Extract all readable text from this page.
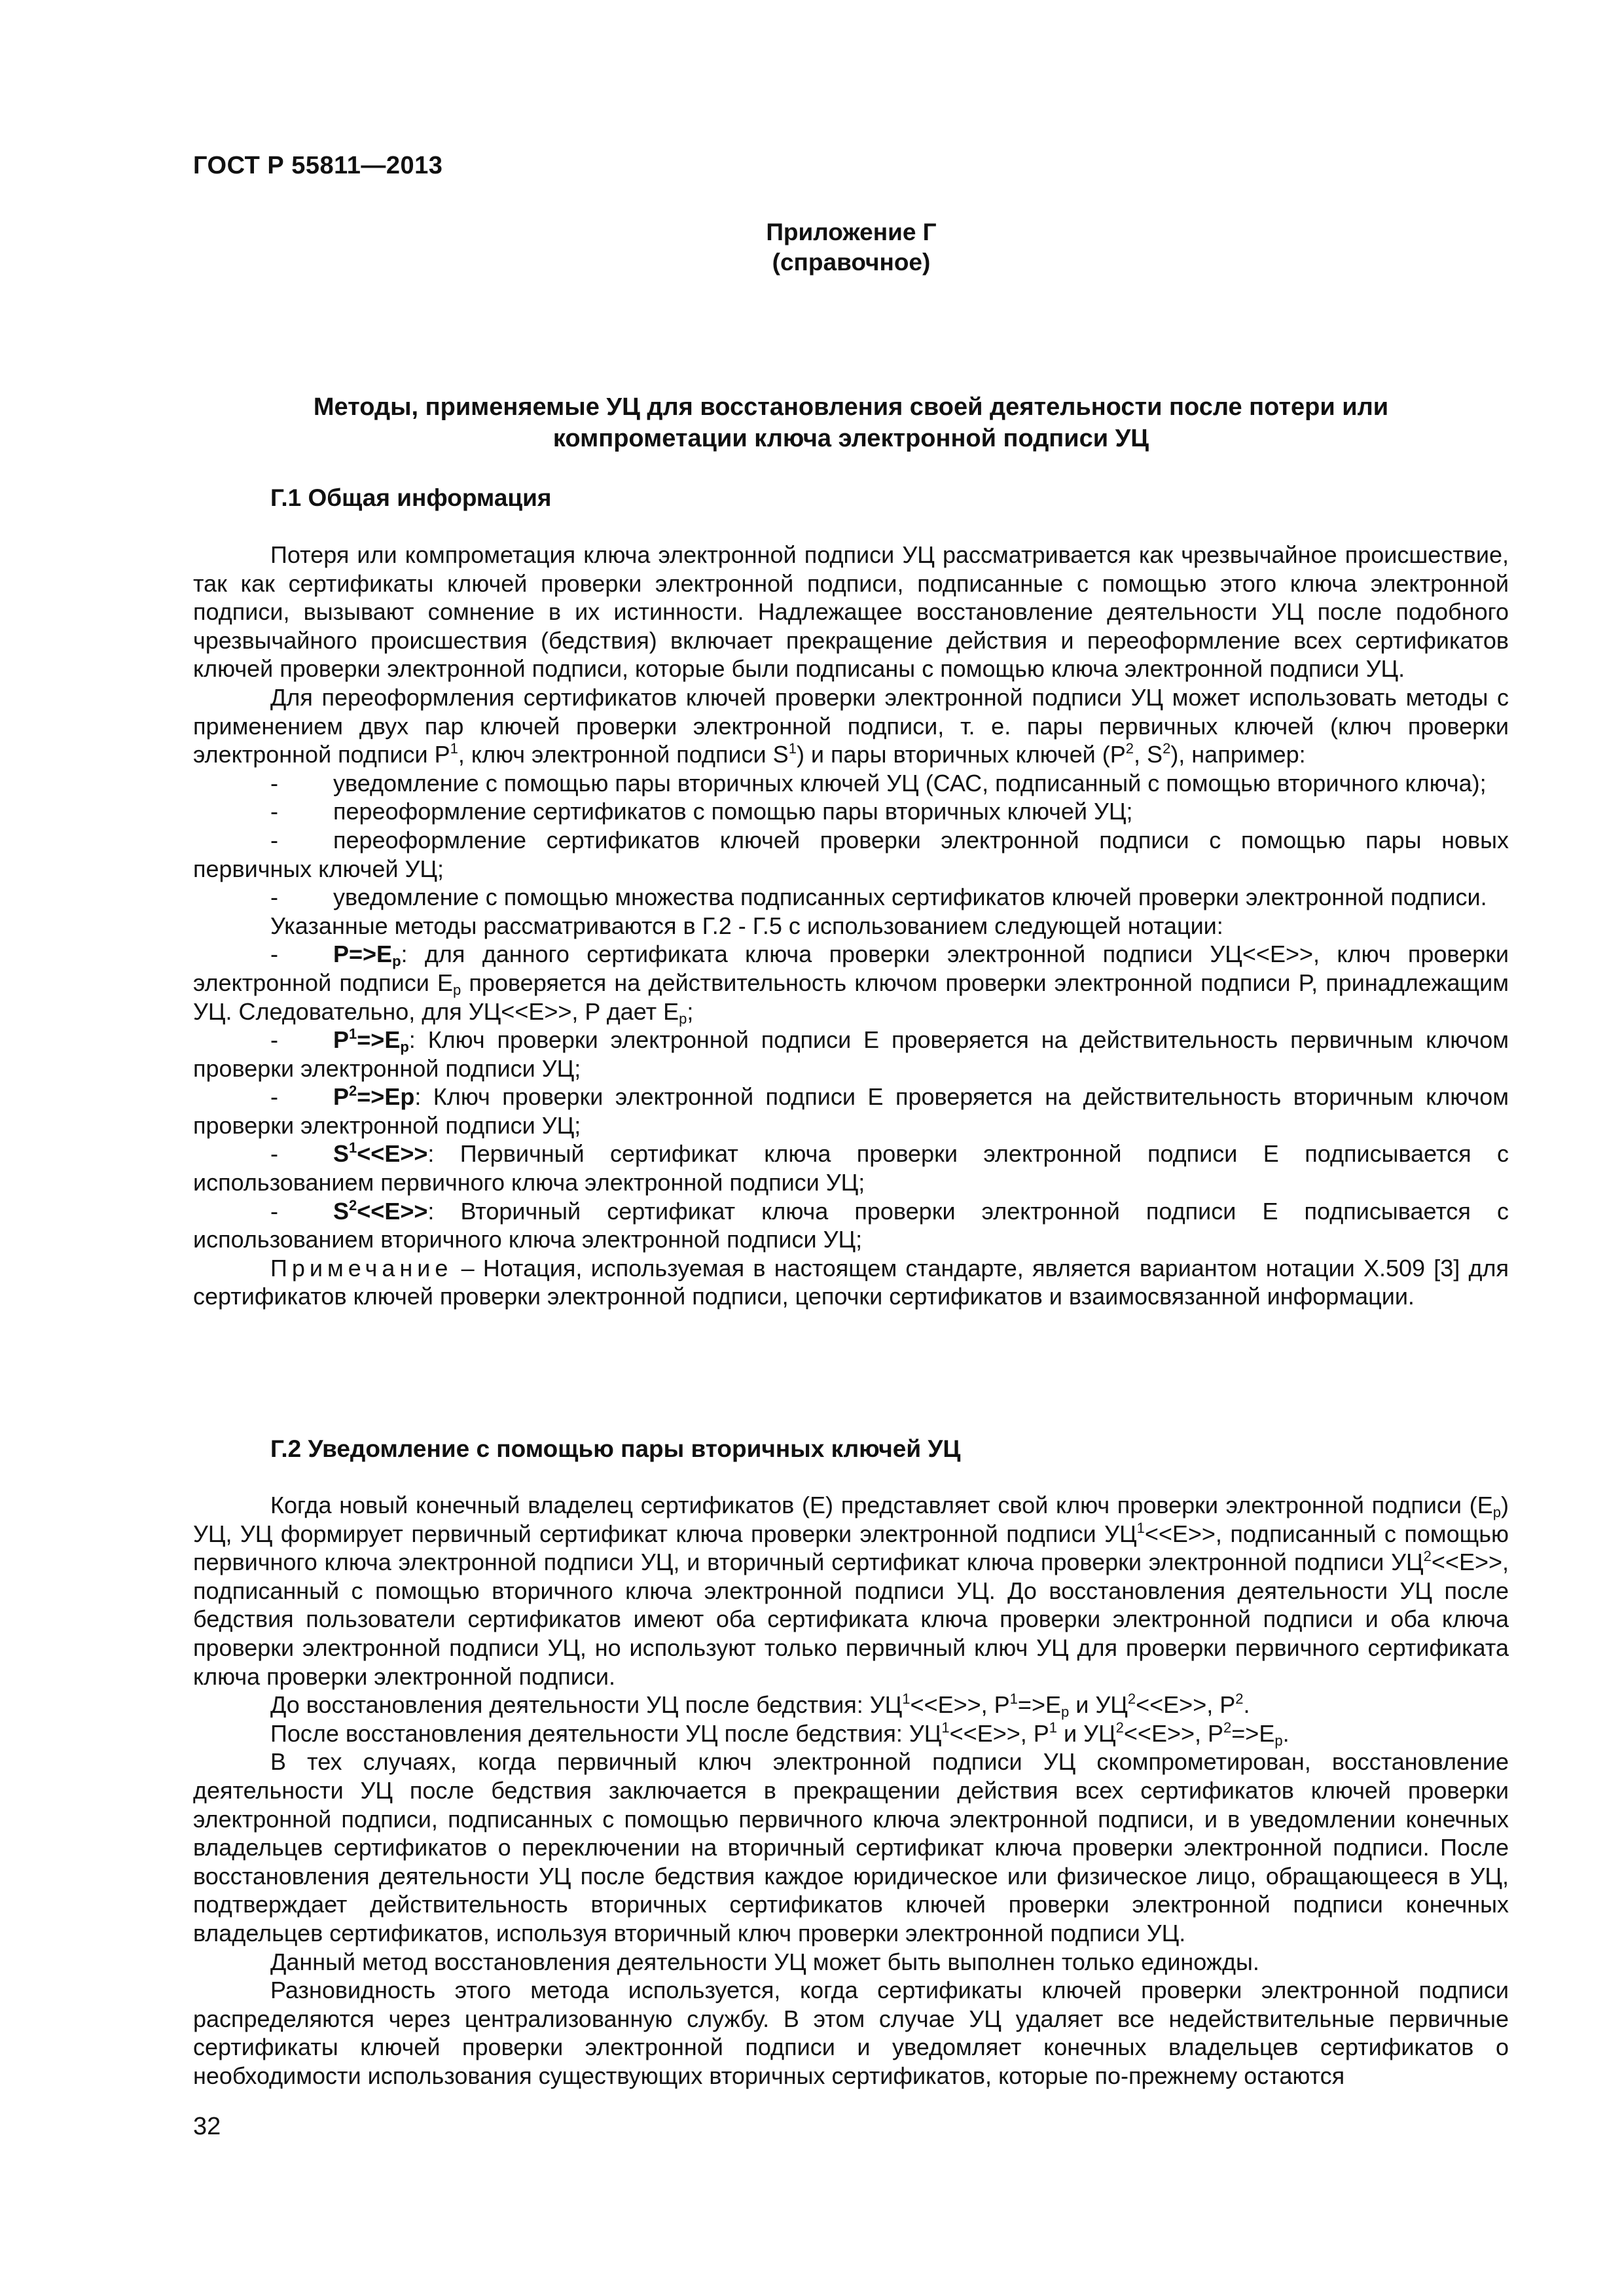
ГОСТ Р 55811—2013
Приложение Г
(справочное)
Методы, применяемые УЦ для восстановления своей деятельности после потери или
компрометации ключа электронной подписи УЦ
Г.1 Общая информация

Потеря или компрометация ключа электронной подписи УЦ рассматривается как чрезвычайное происшествие, так как сертификаты ключей проверки электронной подписи, подписанные с помощью этого ключа электронной подписи, вызывают сомнение в их истинности. Надлежащее восстановление деятельности УЦ после подобного чрезвычайного происшествия (бедствия) включает прекращение действия и переоформление всех сертификатов ключей проверки электронной подписи, которые были подписаны с помощью ключа электронной подписи УЦ.

Для переоформления сертификатов ключей проверки электронной подписи УЦ может использовать методы с применением двух пар ключей проверки электронной подписи, т. е. пары первичных ключей (ключ проверки электронной подписи $P^1$, ключ электронной подписи $S^1$) и пары вторичных ключей ($P^2$, $S^2$), например:

- уведомление с помощью пары вторичных ключей УЦ (САС, подписанный с помощью вторичного ключа);

- переоформление сертификатов с помощью пары вторичных ключей УЦ;

- переоформление сертификатов ключей проверки электронной подписи с помощью пары новых первичных ключей УЦ;

- уведомление с помощью множества подписанных сертификатов ключей проверки электронной подписи.

Указанные методы рассматриваются в Г.2 - Г.5 с использованием следующей нотации:

- $P=>E_p$: для данного сертификата ключа проверки электронной подписи УЦ<<E>>, ключ проверки электронной подписи $E_p$ проверяется на действительность ключом проверки электронной подписи P, принадлежащим УЦ. Следовательно, для УЦ<<E>>, P дает $E_p$;

- $P^1=>E_p$: Ключ проверки электронной подписи E проверяется на действительность первичным ключом проверки электронной подписи УЦ;

- $P^2=>Ep$: Ключ проверки электронной подписи E проверяется на действительность вторичным ключом проверки электронной подписи УЦ;

- $S^1<<E>>$: Первичный сертификат ключа проверки электронной подписи E подписывается с использованием первичного ключа электронной подписи УЦ;

- $S^2<<E>>$: Вторичный сертификат ключа проверки электронной подписи E подписывается с использованием вторичного ключа электронной подписи УЦ;

Примечание – Нотация, используемая в настоящем стандарте, является вариантом нотации X.509 [3] для сертификатов ключей проверки электронной подписи, цепочки сертификатов и взаимосвязанной информации.

Г.2 Уведомление с помощью пары вторичных ключей УЦ

Когда новый конечный владелец сертификатов (E) представляет свой ключ проверки электронной подписи $(E_p)$ УЦ, УЦ формирует первичный сертификат ключа проверки электронной подписи $УЦ^1<<E>>$, подписанный с помощью первичного ключа электронной подписи УЦ, и вторичный сертификат ключа проверки электронной подписи $УЦ^2<<E>>$, подписанный с помощью вторичного ключа электронной подписи УЦ. До восстановления деятельности УЦ после бедствия пользователи сертификатов имеют оба сертификата ключа проверки электронной подписи и оба ключа проверки электронной подписи УЦ, но используют только первичный ключ УЦ для проверки первичного сертификата ключа проверки электронной подписи.

До восстановления деятельности УЦ после бедствия: $УЦ^1<<E>>$, $P^1=>E_p$ и $УЦ^2<<E>>$, $P^2$.

После восстановления деятельности УЦ после бедствия: $УЦ^1<<E>>$, $P^1$ и $УЦ^2<<E>>$, $P^2=>E_p$.

В тех случаях, когда первичный ключ электронной подписи УЦ скомпрометирован, восстановление деятельности УЦ после бедствия заключается в прекращении действия всех сертификатов ключей проверки электронной подписи, подписанных с помощью первичного ключа электронной подписи, и в уведомлении конечных владельцев сертификатов о переключении на вторичный сертификат ключа проверки электронной подписи. После восстановления деятельности УЦ после бедствия каждое юридическое или физическое лицо, обращающееся в УЦ, подтверждает действительность вторичных сертификатов ключей проверки электронной подписи конечных владельцев сертификатов, используя вторичный ключ проверки электронной подписи УЦ.

Данный метод восстановления деятельности УЦ может быть выполнен только единожды.

Разновидность этого метода используется, когда сертификаты ключей проверки электронной подписи распределяются через централизованную службу. В этом случае УЦ удаляет все недействительные первичные сертификаты ключей проверки электронной подписи и уведомляет конечных владельцев сертификатов о необходимости использования существующих вторичных сертификатов, которые по-прежнему остаются

32
